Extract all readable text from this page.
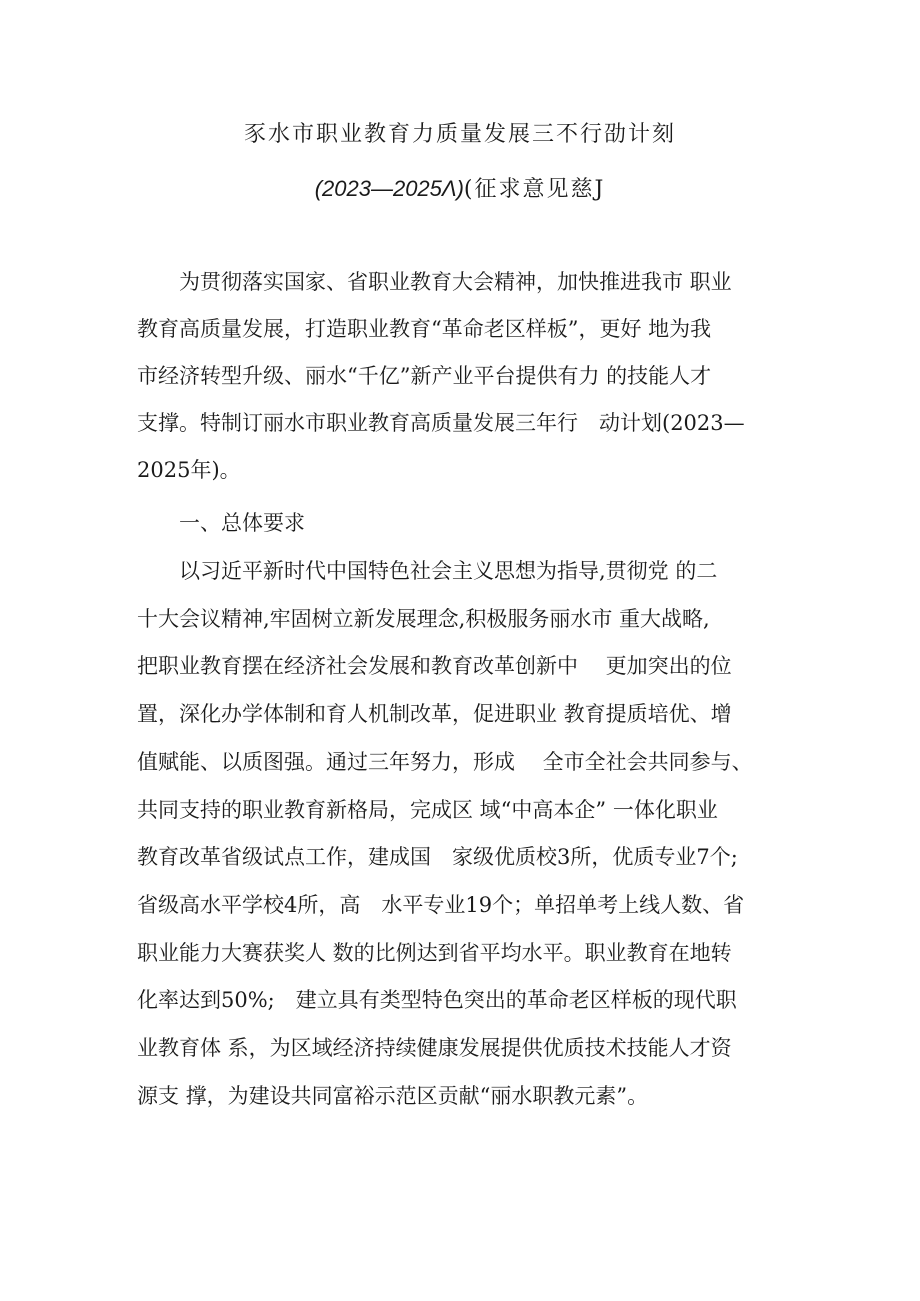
豕水市职业教育力质量发展三不行劭计刻
(2023—2025Λ)(征求意见慈J
　　为贯彻落实国家、省职业教育大会精神，加快推进我市 职业
教育高质量发展，打造职业教育“革命老区样板”，更好 地为我
市经济转型升级、丽水“千亿”新产业平台提供有力 的技能人才
支撑。特制订丽水市职业教育高质量发展三年行　动计划(2023—
2025年)。
　　一、总体要求
　　以习近平新时代中国特色社会主义思想为指导,贯彻党 的二
十大会议精神,牢固树立新发展理念,积极服务丽水市 重大战略,
把职业教育摆在经济社会发展和教育改革创新中　 更加突出的位
置，深化办学体制和育人机制改革，促进职业 教育提质培优、增
值赋能、以质图强。通过三年努力，形成　 全市全社会共同参与、
共同支持的职业教育新格局，完成区 域“中高本企” 一体化职业
教育改革省级试点工作，建成国　家级优质校3所，优质专业7个;
省级高水平学校4所，高　水平专业19个；单招单考上线人数、省
职业能力大赛获奖人 数的比例达到省平均水平。职业教育在地转
化率达到50%;　建立具有类型特色突出的革命老区样板的现代职
业教育体 系，为区域经济持续健康发展提供优质技术技能人才资
源支 撑，为建设共同富裕示范区贡献“丽水职教元素”。
